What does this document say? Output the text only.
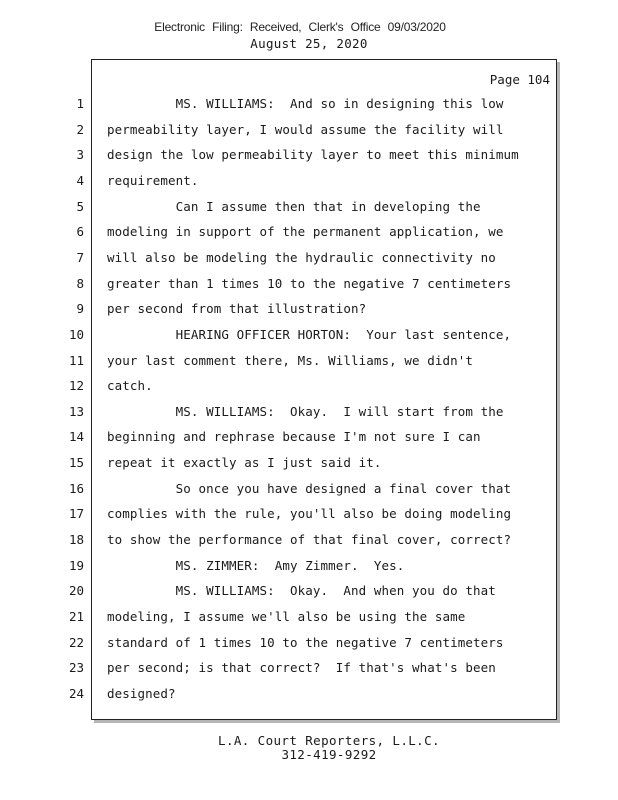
Electronic Filing: Received, Clerk's Office 09/03/2020
August 25, 2020
Page 104
1 MS. WILLIAMS:  And so in designing this low
2 permeability layer, I would assume the facility will
3 design the low permeability layer to meet this minimum
4 requirement.
5 Can I assume then that in developing the
6 modeling in support of the permanent application, we
7 will also be modeling the hydraulic connectivity no
8 greater than 1 times 10 to the negative 7 centimeters
9 per second from that illustration?
10 HEARING OFFICER HORTON:  Your last sentence,
11 your last comment there, Ms. Williams, we didn't
12 catch.
13 MS. WILLIAMS:  Okay.  I will start from the
14 beginning and rephrase because I'm not sure I can
15 repeat it exactly as I just said it.
16 So once you have designed a final cover that
17 complies with the rule, you'll also be doing modeling
18 to show the performance of that final cover, correct?
19 MS. ZIMMER:  Amy Zimmer.  Yes.
20 MS. WILLIAMS:  Okay.  And when you do that
21 modeling, I assume we'll also be using the same
22 standard of 1 times 10 to the negative 7 centimeters
23 per second; is that correct?  If that's what's been
24 designed?
L.A. Court Reporters, L.L.C.
312-419-9292
